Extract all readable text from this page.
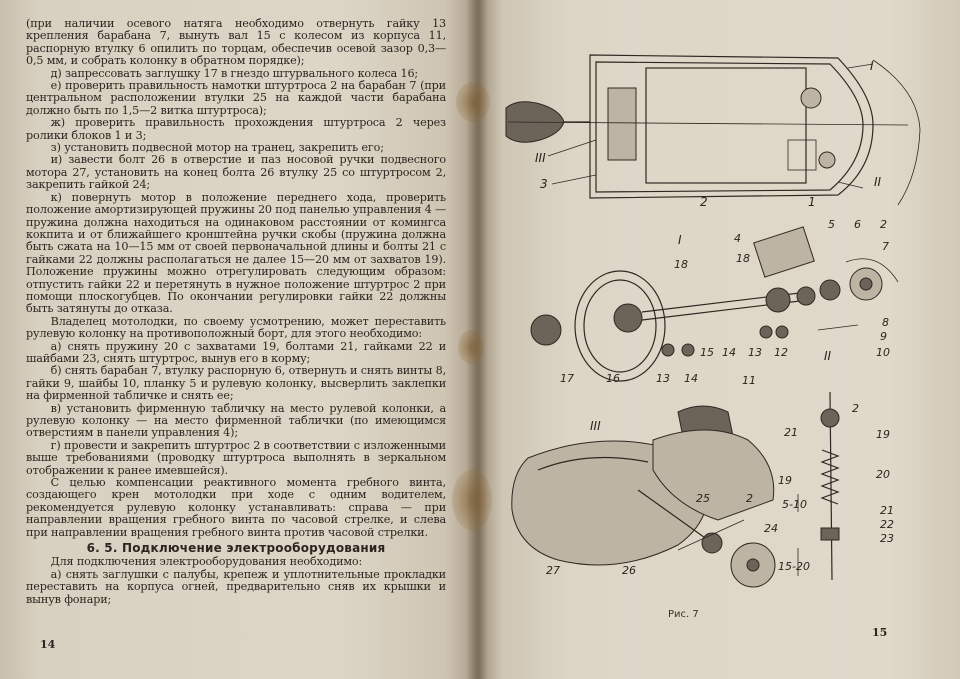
(при наличии осевого натяга необходимо отвернуть гайку 13 крепления барабана 7, вынуть вал 15 с колесом из корпуса 11, распорную втулку 6 опилить по торцам, обеспечив осевой зазор 0,3—0,5 мм, и собрать колонку в обратном порядке);

д) запрессовать заглушку 17 в гнездо штурвального колеса 16;

е) проверить правильность намотки штуртроса 2 на барабан 7 (при центральном расположении втулки 25 на каждой части барабана должно быть по 1,5—2 витка штуртроса);

ж) проверить правильность прохождения штуртроса 2 через ролики блоков 1 и 3;

з) установить подвесной мотор на транец, закрепить его;

и) завести болт 26 в отверстие и паз носовой ручки подвесного мотора 27, установить на конец болта 26 втулку 25 со штуртросом 2, закрепить гайкой 24;

к) повернуть мотор в положение переднего хода, проверить положение амортизирующей пружины 20 под панелью управления 4 — пружина должна находиться на одинаковом расстоянии от комингса кокпита и от ближайшего кронштейна ручки скобы (пружина должна быть сжата на 10—15 мм от своей первоначальной длины и болты 21 с гайками 22 должны располагаться не далее 15—20 мм от захватов 19). Положение пружины можно отрегулировать следующим образом: отпустить гайки 22 и перетянуть в нужное положение штуртрос 2 при помощи плоскогубцев. По окончании регулировки гайки 22 должны быть затянуты до отказа.

Владелец мотолодки, по своему усмотрению, может переставить рулевую колонку на противоположный борт, для этого необходимо:

а) снять пружину 20 с захватами 19, болтами 21, гайками 22 и шайбами 23, снять штуртрос, вынув его в корму;

б) снять барабан 7, втулку распорную 6, отвернуть и снять винты 8, гайки 9, шайбы 10, планку 5 и рулевую колонку, высверлить заклепки на фирменной табличке и снять ее;

в) установить фирменную табличку на место рулевой колонки, а рулевую колонку — на место фирменной таблички (по имеющимся отверстиям в панели управления 4);

г) провести и закрепить штуртрос 2 в соответствии с изложенными выше требованиями (проводку штуртроса выполнять в зеркальном отображении к ранее имевшейся).

С целью компенсации реактивного момента гребного винта, создающего крен мотолодки при ходе с одним водителем, рекомендуется рулевую колонку устанавливать: справа — при направлении вращения гребного винта по часовой стрелке, и слева при направлении вращения гребного винта против часовой стрелки.

6. 5. Подключение электрооборудования

Для подключения электрооборудования необходимо:

а) снять заглушки с палубы, крепеж и уплотнительные прокладки переставить на корпуса огней, предварительно сняв их крышки и вынув фонари;

14
I
II
III
3
2	1
I
18	18
4
5 6 2
7
8
9
10
II
17	16	13 14
15 14 13 12
11
III
25	2
27	26
24
2
19
21
19	20
5-10	21
22
23
15-20
Рис. 7
15
